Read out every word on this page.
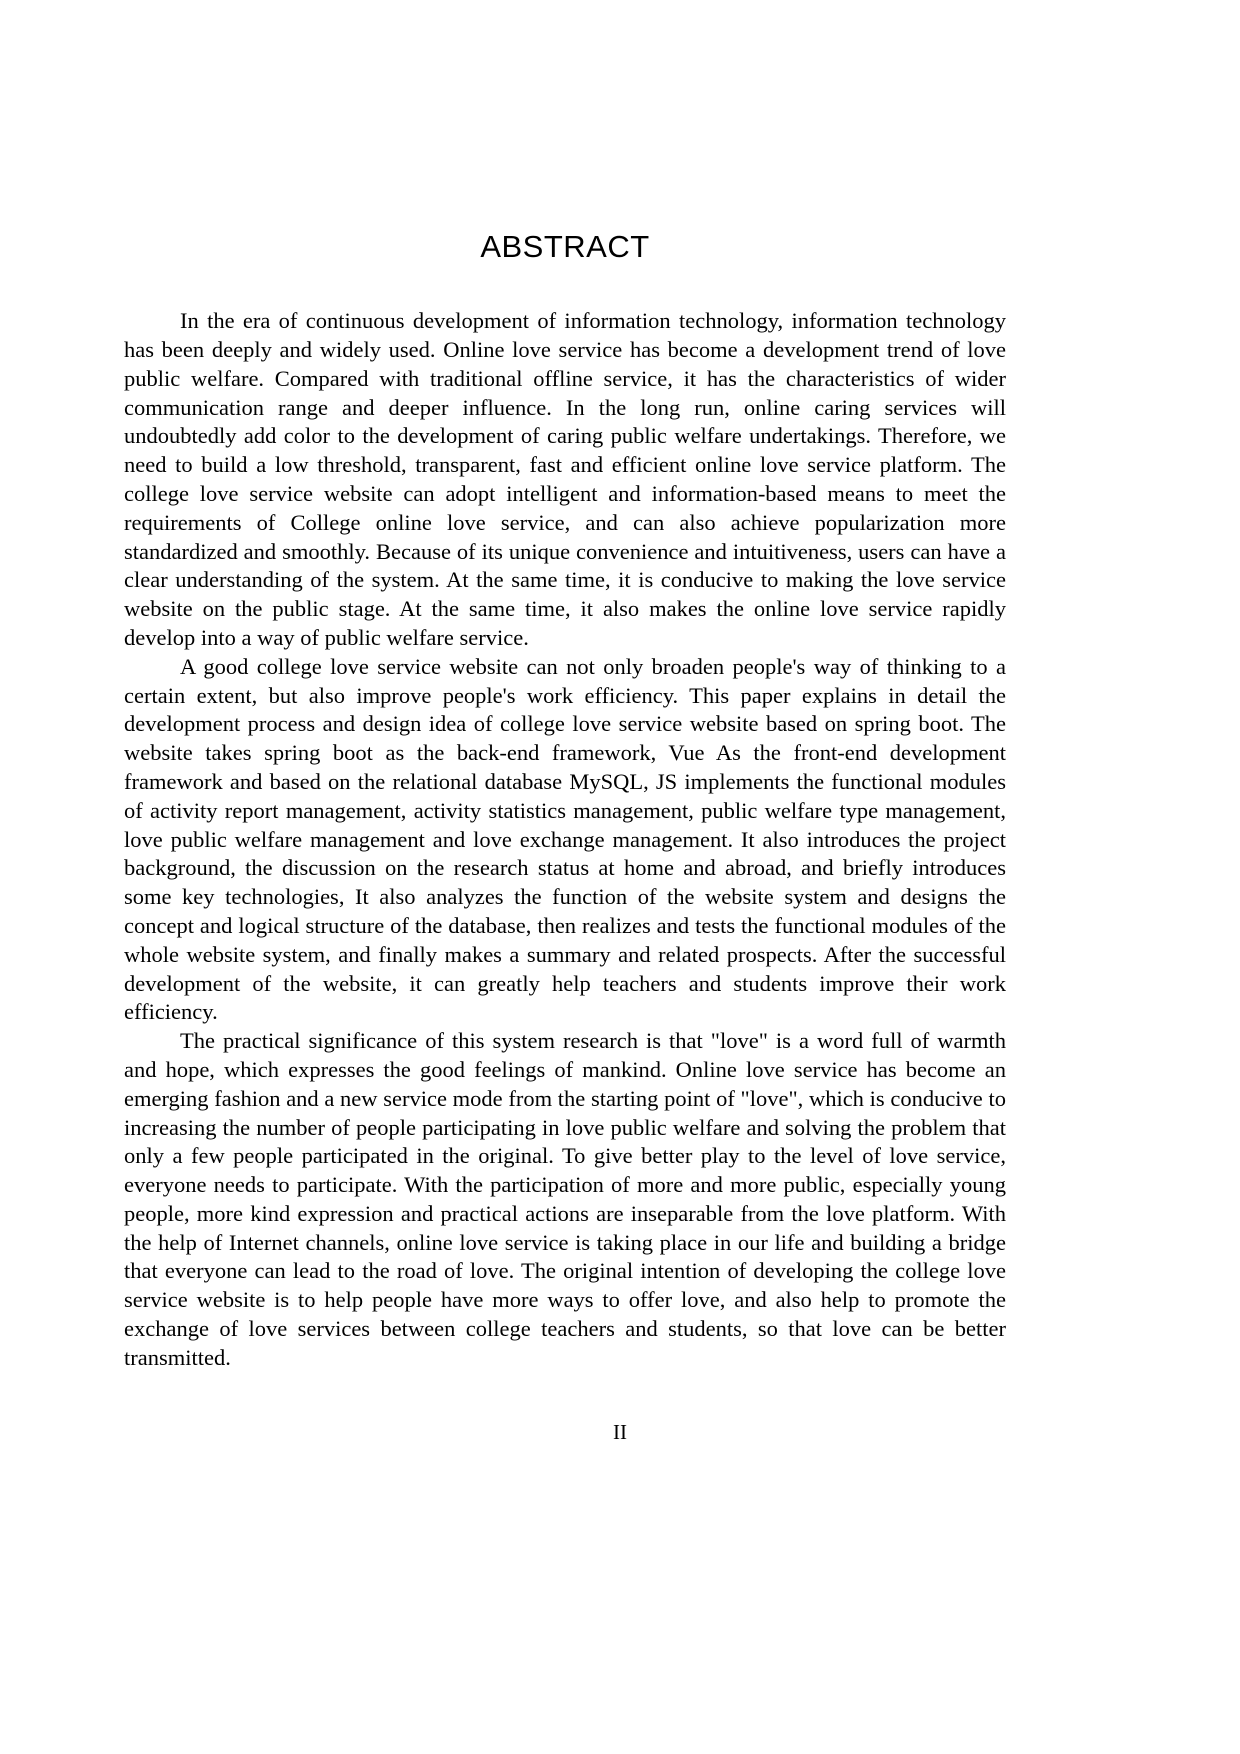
ABSTRACT

In the era of continuous development of information technology, information technology has been deeply and widely used. Online love service has become a development trend of love public welfare. Compared with traditional offline service, it has the characteristics of wider communication range and deeper influence. In the long run, online caring services will undoubtedly add color to the development of caring public welfare undertakings. Therefore, we need to build a low threshold, transparent, fast and efficient online love service platform. The college love service website can adopt intelligent and information-based means to meet the requirements of College online love service, and can also achieve popularization more standardized and smoothly. Because of its unique convenience and intuitiveness, users can have a clear understanding of the system. At the same time, it is conducive to making the love service website on the public stage. At the same time, it also makes the online love service rapidly develop into a way of public welfare service.

A good college love service website can not only broaden people's way of thinking to a certain extent, but also improve people's work efficiency. This paper explains in detail the development process and design idea of college love service website based on spring boot. The website takes spring boot as the back-end framework, Vue As the front-end development framework and based on the relational database MySQL, JS implements the functional modules of activity report management, activity statistics management, public welfare type management, love public welfare management and love exchange management. It also introduces the project background, the discussion on the research status at home and abroad, and briefly introduces some key technologies, It also analyzes the function of the website system and designs the concept and logical structure of the database, then realizes and tests the functional modules of the whole website system, and finally makes a summary and related prospects. After the successful development of the website, it can greatly help teachers and students improve their work efficiency.

The practical significance of this system research is that "love" is a word full of warmth and hope, which expresses the good feelings of mankind. Online love service has become an emerging fashion and a new service mode from the starting point of "love", which is conducive to increasing the number of people participating in love public welfare and solving the problem that only a few people participated in the original. To give better play to the level of love service, everyone needs to participate. With the participation of more and more public, especially young people, more kind expression and practical actions are inseparable from the love platform. With the help of Internet channels, online love service is taking place in our life and building a bridge that everyone can lead to the road of love. The original intention of developing the college love service website is to help people have more ways to offer love, and also help to promote the exchange of love services between college teachers and students, so that love can be better transmitted.

II
